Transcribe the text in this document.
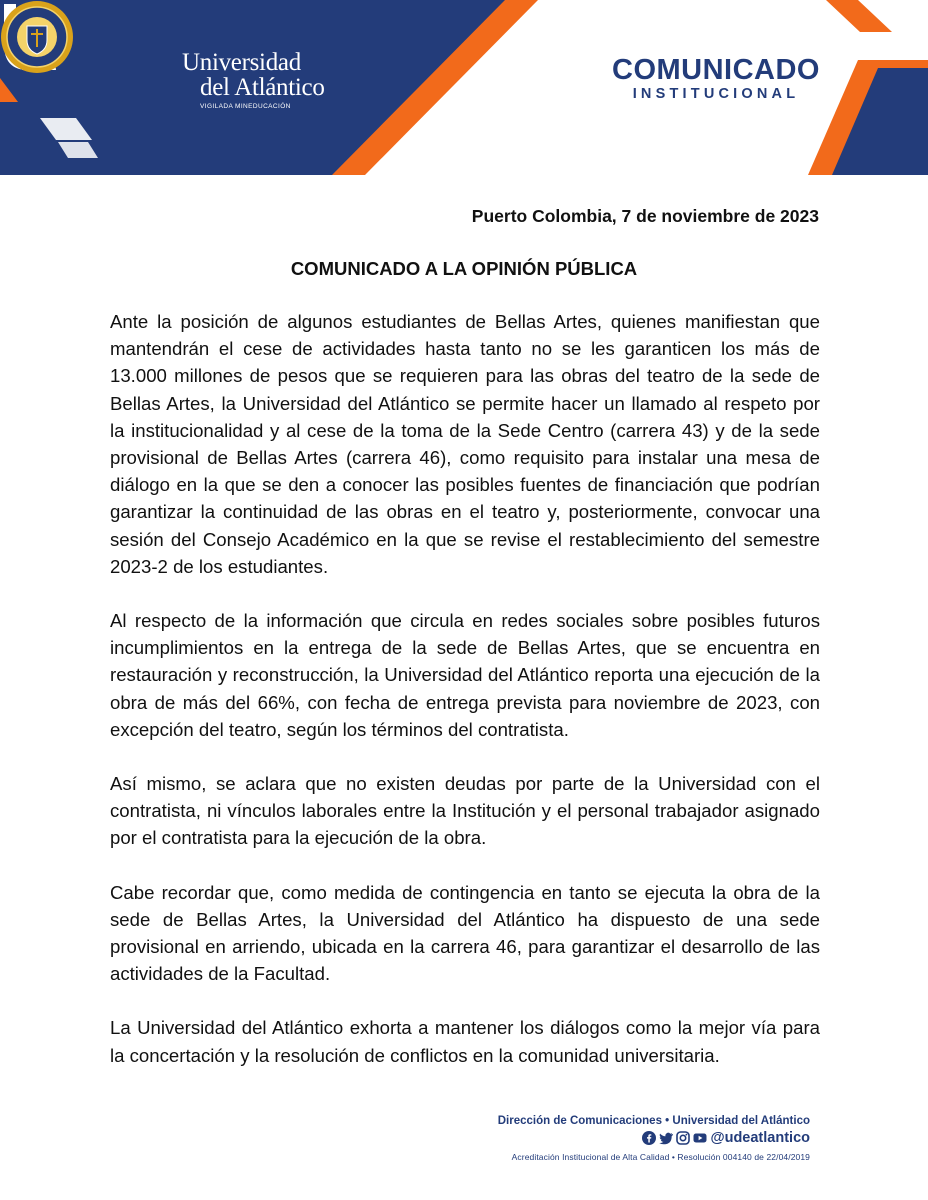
Universidad
del Atlántico
VIGILADA MINEDUCACIÓN
COMUNICADO
INSTITUCIONAL
Puerto Colombia, 7 de noviembre de 2023
COMUNICADO A LA OPINIÓN PÚBLICA

Ante la posición de algunos estudiantes de Bellas Artes, quienes manifiestan que mantendrán el cese de actividades hasta tanto no se les garanticen los más de 13.000 millones de pesos que se requieren para las obras del teatro de la sede de Bellas Artes, la Universidad del Atlántico se permite hacer un llamado al respeto por la institucionalidad y al cese de la toma de la Sede Centro (carrera 43) y de la sede provisional de Bellas Artes (carrera 46), como requisito para instalar una mesa de diálogo en la que se den a conocer las posibles fuentes de financiación que podrían garantizar la continuidad de las obras en el teatro y, posteriormente, convocar una sesión del Consejo Académico en la que se revise el restablecimiento del semestre 2023-2 de los estudiantes.

Al respecto de la información que circula en redes sociales sobre posibles futuros incumplimientos en la entrega de la sede de Bellas Artes, que se encuentra en restauración y reconstrucción, la Universidad del Atlántico reporta una ejecución de la obra de más del 66%, con fecha de entrega prevista para noviembre de 2023, con excepción del teatro, según los términos del contratista.

Así mismo, se aclara que no existen deudas por parte de la Universidad con el contratista, ni vínculos laborales entre la Institución y el personal trabajador asignado por el contratista para la ejecución de la obra.

Cabe recordar que, como medida de contingencia en tanto se ejecuta la obra de la sede de Bellas Artes, la Universidad del Atlántico ha dispuesto de una sede provisional en arriendo, ubicada en la carrera 46, para garantizar el desarrollo de las actividades de la Facultad.

La Universidad del Atlántico exhorta a mantener los diálogos como la mejor vía para la concertación y la resolución de conflictos en la comunidad universitaria.

Dirección de Comunicaciones • Universidad del Atlántico
@udeatlantico
Acreditación Institucional de Alta Calidad • Resolución 004140 de 22/04/2019
